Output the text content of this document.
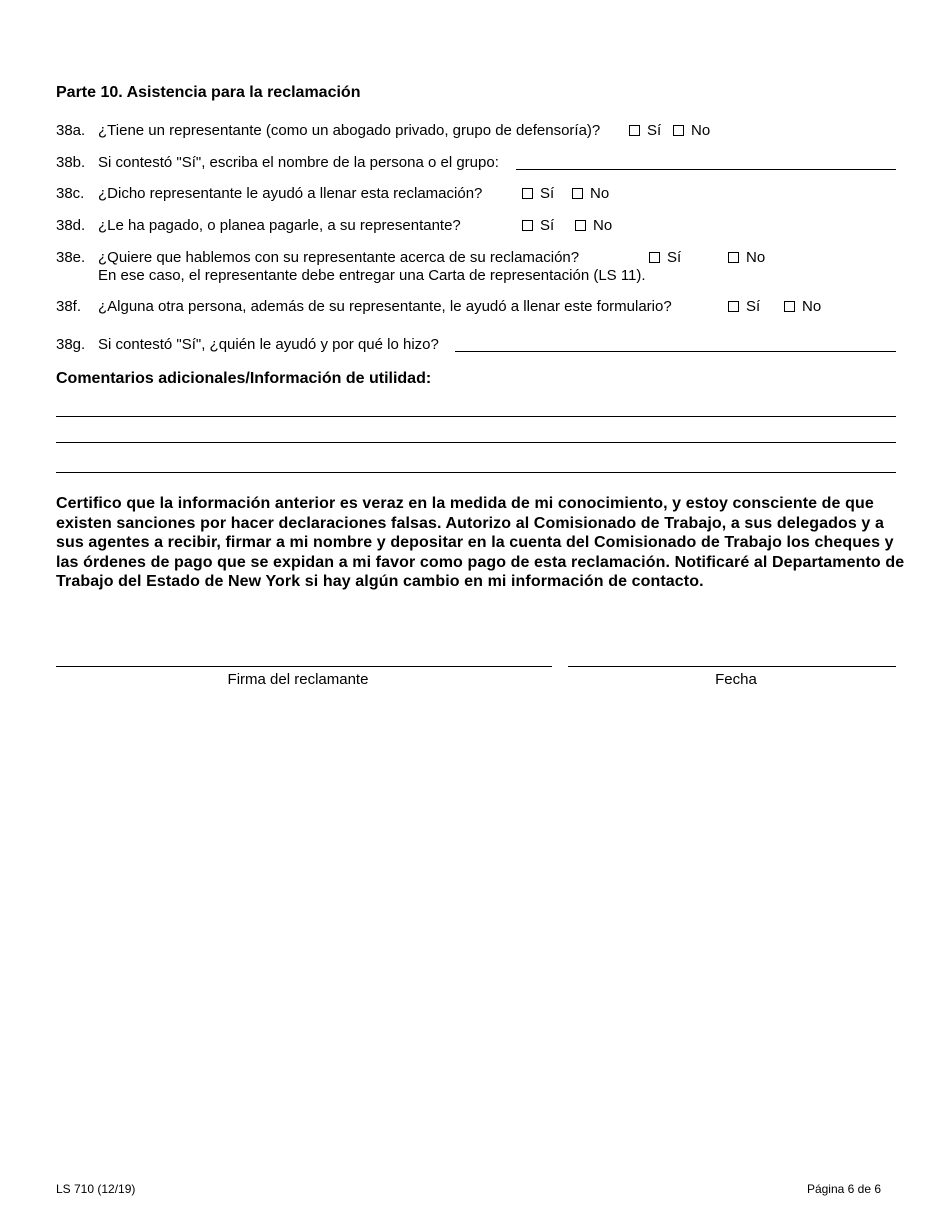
Parte 10. Asistencia para la reclamación
38a. ¿Tiene un representante (como un abogado privado, grupo de defensoría)?	Sí	No
38b. Si contestó "Sí", escriba el nombre de la persona o el grupo:
38c. ¿Dicho representante le ayudó a llenar esta reclamación?	Sí	No
38d. ¿Le ha pagado, o planea pagarle, a su representante?	Sí	No
38e. ¿Quiere que hablemos con su representante acerca de su reclamación?
En ese caso, el representante debe entregar una Carta de representación (LS 11).
Sí	No
38f. ¿Alguna otra persona, además de su representante, le ayudó a llenar este formulario?	Sí	No
38g. Si contestó "Sí", ¿quién le ayudó y por qué lo hizo?
Comentarios adicionales/Información de utilidad:
Certifico que la información anterior es veraz en la medida de mi conocimiento, y estoy consciente de que existen sanciones por hacer declaraciones falsas. Autorizo al Comisionado de Trabajo, a sus delegados y a sus agentes a recibir, firmar a mi nombre y depositar en la cuenta del Comisionado de Trabajo los cheques y las órdenes de pago que se expidan a mi favor como pago de esta reclamación. Notificaré al Departamento de Trabajo del Estado de New York si hay algún cambio en mi información de contacto.
Firma del reclamante	Fecha
LS 710 (12/19)	Página 6 de 6
